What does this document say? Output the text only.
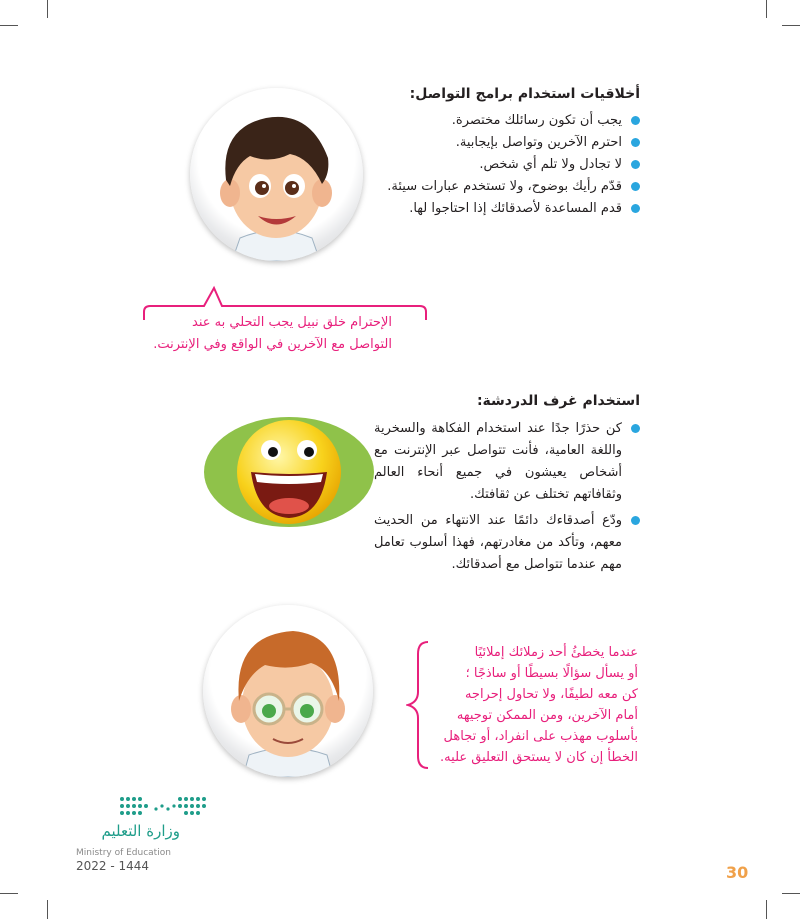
أخلاقيات استخدام برامج التواصل:
يجب أن تكون رسائلك مختصرة.
احترم الآخرين وتواصل بإيجابية.
لا تجادل ولا تلم أي شخص.
قدّم رأيك بوضوح، ولا تستخدم عبارات سيئة.
قدم المساعدة لأصدقائك إذا احتاجوا لها.
الإحترام خلق نبيل يجب التحلي به عند
التواصل مع الآخرين في الواقع وفي الإنترنت.
استخدام غرف الدردشة:
كن حذرًا جدًا عند استخدام الفكاهة والسخرية واللغة العامية، فأنت تتواصل عبر الإنترنت مع أشخاص يعيشون في جميع أنحاء العالم وثقافاتهم تختلف عن ثقافتك.
ودّع أصدقاءك دائمًا عند الانتهاء من الحديث معهم، وتأكد من مغادرتهم، فهذا أسلوب تعامل مهم عندما تتواصل مع أصدقائك.
عندما يخطئُ أحد زملائك إملائيًا
أو يسأل سؤالًا بسيطًا أو ساذجًا ؛
كن معه لطيفًا، ولا تحاول إحراجه
أمام الآخرين، ومن الممكن توجيهه
بأسلوب مهذب على انفراد، أو تجاهل
الخطأ إن كان لا يستحق التعليق عليه.
وزارة التعليم
Ministry of Education
2022 - 1444	30
